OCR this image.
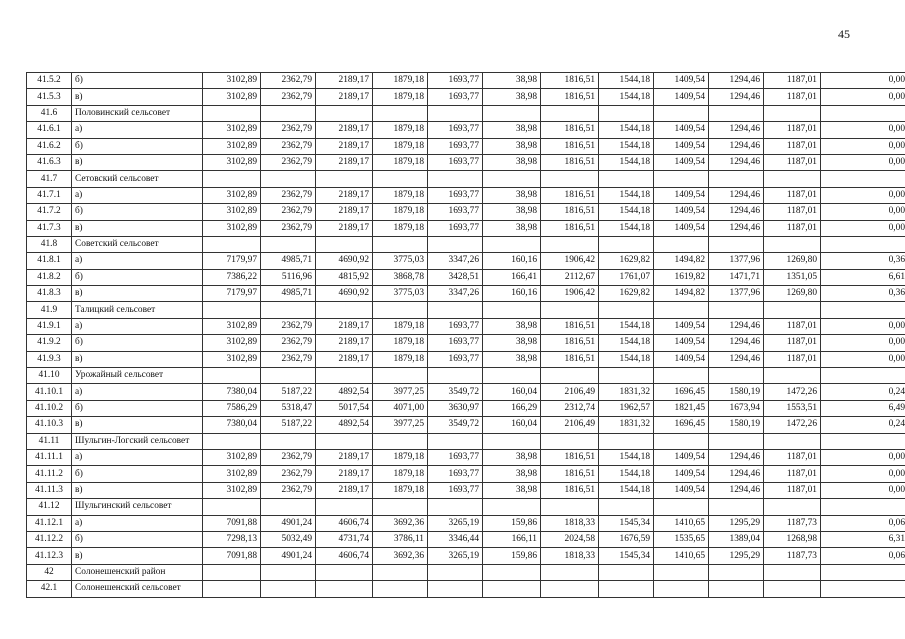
45
41.5.2	б)	3102,89	2362,79	2189,17	1879,18	1693,77	38,98	1816,51	1544,18	1409,54	1294,46	1187,01	0,00
41.5.3	в)	3102,89	2362,79	2189,17	1879,18	1693,77	38,98	1816,51	1544,18	1409,54	1294,46	1187,01	0,00
41.6	Половинский сельсовет												
41.6.1	а)	3102,89	2362,79	2189,17	1879,18	1693,77	38,98	1816,51	1544,18	1409,54	1294,46	1187,01	0,00
41.6.2	б)	3102,89	2362,79	2189,17	1879,18	1693,77	38,98	1816,51	1544,18	1409,54	1294,46	1187,01	0,00
41.6.3	в)	3102,89	2362,79	2189,17	1879,18	1693,77	38,98	1816,51	1544,18	1409,54	1294,46	1187,01	0,00
41.7	Сетовский сельсовет												
41.7.1	а)	3102,89	2362,79	2189,17	1879,18	1693,77	38,98	1816,51	1544,18	1409,54	1294,46	1187,01	0,00
41.7.2	б)	3102,89	2362,79	2189,17	1879,18	1693,77	38,98	1816,51	1544,18	1409,54	1294,46	1187,01	0,00
41.7.3	в)	3102,89	2362,79	2189,17	1879,18	1693,77	38,98	1816,51	1544,18	1409,54	1294,46	1187,01	0,00
41.8	Советский сельсовет												
41.8.1	а)	7179,97	4985,71	4690,92	3775,03	3347,26	160,16	1906,42	1629,82	1494,82	1377,96	1269,80	0,36
41.8.2	б)	7386,22	5116,96	4815,92	3868,78	3428,51	166,41	2112,67	1761,07	1619,82	1471,71	1351,05	6,61
41.8.3	в)	7179,97	4985,71	4690,92	3775,03	3347,26	160,16	1906,42	1629,82	1494,82	1377,96	1269,80	0,36
41.9	Талицкий сельсовет												
41.9.1	а)	3102,89	2362,79	2189,17	1879,18	1693,77	38,98	1816,51	1544,18	1409,54	1294,46	1187,01	0,00
41.9.2	б)	3102,89	2362,79	2189,17	1879,18	1693,77	38,98	1816,51	1544,18	1409,54	1294,46	1187,01	0,00
41.9.3	в)	3102,89	2362,79	2189,17	1879,18	1693,77	38,98	1816,51	1544,18	1409,54	1294,46	1187,01	0,00
41.10	Урожайный сельсовет												
41.10.1	а)	7380,04	5187,22	4892,54	3977,25	3549,72	160,04	2106,49	1831,32	1696,45	1580,19	1472,26	0,24
41.10.2	б)	7586,29	5318,47	5017,54	4071,00	3630,97	166,29	2312,74	1962,57	1821,45	1673,94	1553,51	6,49
41.10.3	в)	7380,04	5187,22	4892,54	3977,25	3549,72	160,04	2106,49	1831,32	1696,45	1580,19	1472,26	0,24
41.11	Шульгин-Логский сельсовет												
41.11.1	а)	3102,89	2362,79	2189,17	1879,18	1693,77	38,98	1816,51	1544,18	1409,54	1294,46	1187,01	0,00
41.11.2	б)	3102,89	2362,79	2189,17	1879,18	1693,77	38,98	1816,51	1544,18	1409,54	1294,46	1187,01	0,00
41.11.3	в)	3102,89	2362,79	2189,17	1879,18	1693,77	38,98	1816,51	1544,18	1409,54	1294,46	1187,01	0,00
41.12	Шульгинский сельсовет												
41.12.1	а)	7091,88	4901,24	4606,74	3692,36	3265,19	159,86	1818,33	1545,34	1410,65	1295,29	1187,73	0,06
41.12.2	б)	7298,13	5032,49	4731,74	3786,11	3346,44	166,11	2024,58	1676,59	1535,65	1389,04	1268,98	6,31
41.12.3	в)	7091,88	4901,24	4606,74	3692,36	3265,19	159,86	1818,33	1545,34	1410,65	1295,29	1187,73	0,06
42	Солонешенский район												
42.1	Солонешенский сельсовет												
